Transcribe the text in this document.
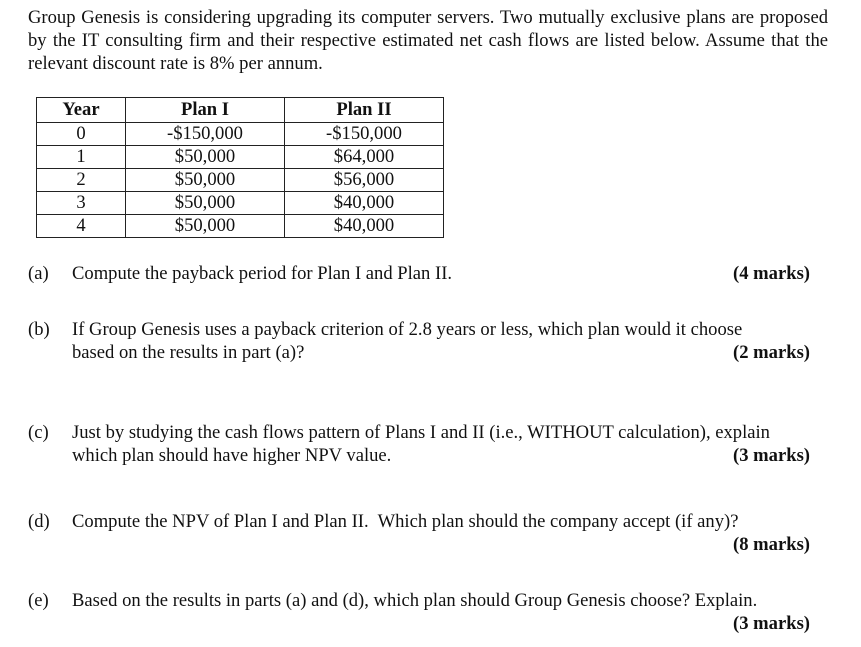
Group Genesis is considering upgrading its computer servers. Two mutually exclusive plans are proposed by the IT consulting firm and their respective estimated net cash flows are listed below. Assume that the relevant discount rate is 8% per annum.

Year	Plan I	Plan II
0	-$150,000	-$150,000
1	$50,000	$64,000
2	$50,000	$56,000
3	$50,000	$40,000
4	$50,000	$40,000
(a) Compute the payback period for Plan I and Plan II.	(4 marks)
(b) If Group Genesis uses a payback criterion of 2.8 years or less, which plan would it choose
based on the results in part (a)?	(2 marks)
(c) Just by studying the cash flows pattern of Plans I and II (i.e., WITHOUT calculation), explain
which plan should have higher NPV value.	(3 marks)
(d) Compute the NPV of Plan I and Plan II.  Which plan should the company accept (if any)?
(8 marks)
(e) Based on the results in parts (a) and (d), which plan should Group Genesis choose? Explain.
(3 marks)
